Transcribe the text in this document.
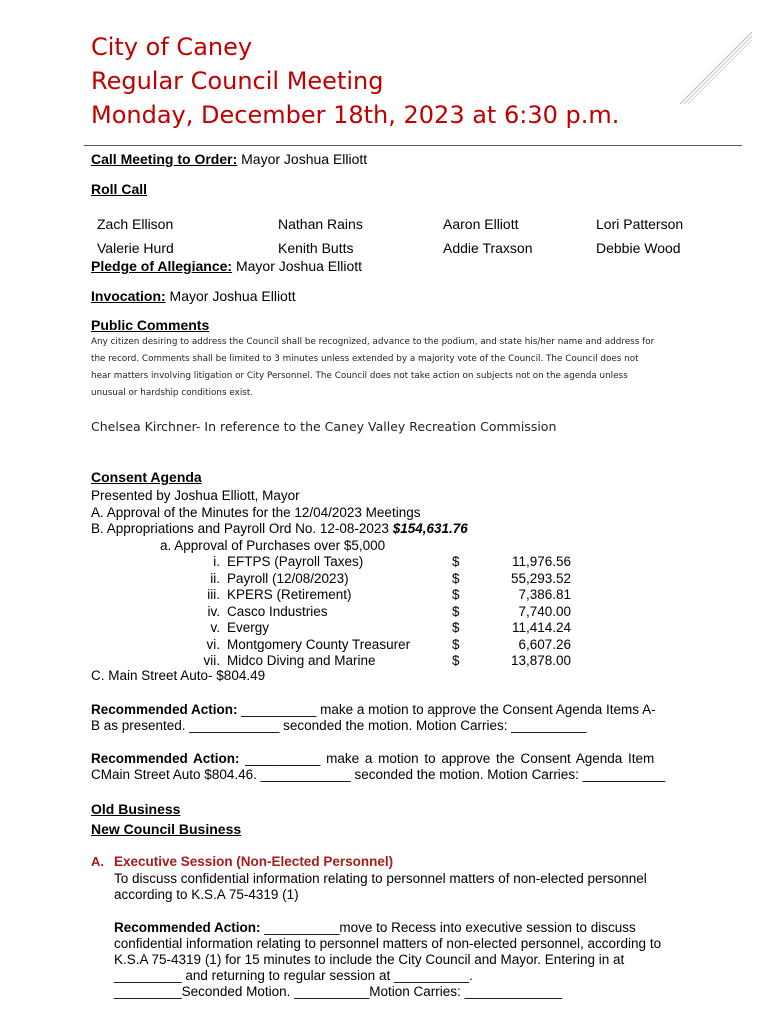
City of Caney
Regular Council Meeting
Monday, December 18th, 2023 at 6:30 p.m.
Call Meeting to Order: Mayor Joshua Elliott
Roll Call
Zach Ellison	Nathan Rains	Aaron Elliott	Lori Patterson
Valerie Hurd	Kenith Butts	Addie Traxson	Debbie Wood
Pledge of Allegiance: Mayor Joshua Elliott
Invocation: Mayor Joshua Elliott
Public Comments
Any citizen desiring to address the Council shall be recognized, advance to the podium, and state his/her name and address for
the record. Comments shall be limited to 3 minutes unless extended by a majority vote of the Council. The Council does not
hear matters involving litigation or City Personnel. The Council does not take action on subjects not on the agenda unless
unusual or hardship conditions exist.
Chelsea Kirchner- In reference to the Caney Valley Recreation Commission
Consent Agenda
Presented by Joshua Elliott, Mayor
A. Approval of the Minutes for the 12/04/2023 Meetings
B. Appropriations and Payroll Ord No. 12-08-2023 $154,631.76
a. Approval of Purchases over $5,000
i. EFTPS (Payroll Taxes)	$	11,976.56
ii. Payroll (12/08/2023)	$	55,293.52
iii. KPERS (Retirement)	$	7,386.81
iv. Casco Industries	$	7,740.00
v. Evergy	$	11,414.24
vi. Montgomery County Treasurer	$	6,607.26
vii. Midco Diving and Marine	$	13,878.00
C. Main Street Auto- $804.49
Recommended Action: __________ make a motion to approve the Consent Agenda Items A-
B as presented. ____________ seconded the motion. Motion Carries: __________
Recommended Action: __________ make a motion to approve the Consent Agenda Item
CMain Street Auto $804.46. ____________ seconded the motion. Motion Carries: ___________
Old Business
New Council Business
A. Executive Session (Non-Elected Personnel)
To discuss confidential information relating to personnel matters of non-elected personnel
according to K.S.A 75-4319 (1)
Recommended Action: __________move to Recess into executive session to discuss
confidential information relating to personnel matters of non-elected personnel, according to
K.S.A 75-4319 (1) for 15 minutes to include the City Council and Mayor. Entering in at
_________ and returning to regular session at __________.
_________Seconded Motion. __________Motion Carries: _____________
